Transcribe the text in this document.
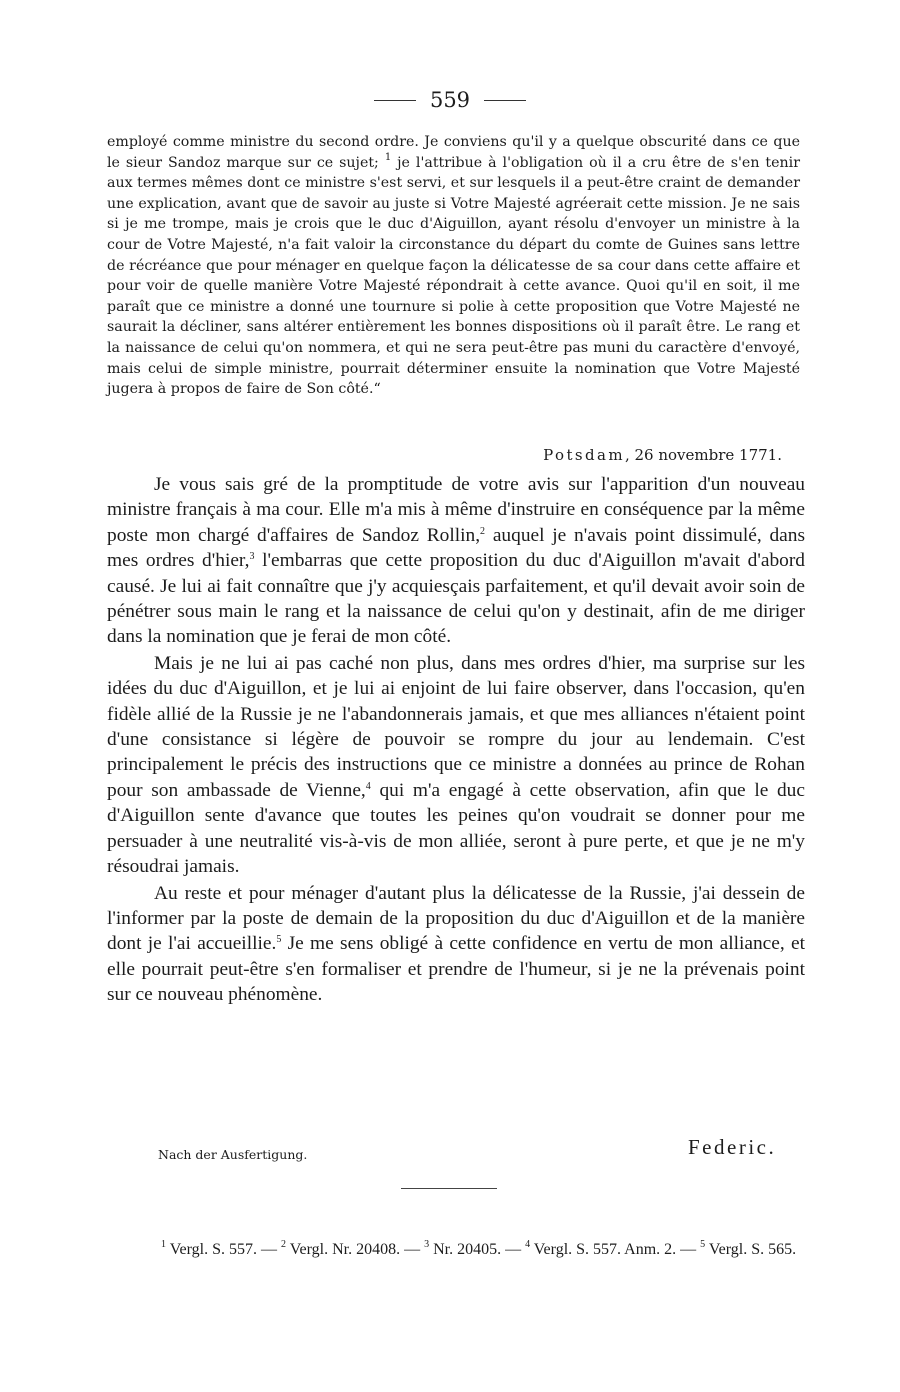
559

employé comme ministre du second ordre. Je conviens qu'il y a quelque obscurité dans ce que le sieur Sandoz marque sur ce sujet; $^1$ je l'attribue à l'obligation où il a cru être de s'en tenir aux termes mêmes dont ce ministre s'est servi, et sur lesquels il a peut-être craint de demander une explication, avant que de savoir au juste si Votre Majesté agréerait cette mission. Je ne sais si je me trompe, mais je crois que le duc d'Aiguillon, ayant résolu d'envoyer un ministre à la cour de Votre Majesté, n'a fait valoir la circonstance du départ du comte de Guines sans lettre de récréance que pour ménager en quelque façon la délicatesse de sa cour dans cette affaire et pour voir de quelle manière Votre Majesté répondrait à cette avance. Quoi qu'il en soit, il me paraît que ce ministre a donné une tournure si polie à cette proposition que Votre Majesté ne saurait la décliner, sans altérer entièrement les bonnes dispositions où il paraît être. Le rang et la naissance de celui qu'on nommera, et qui ne sera peut-être pas muni du caractère d'envoyé, mais celui de simple ministre, pourrait déterminer ensuite la nomination que Votre Majesté jugera à propos de faire de Son côté.“

Potsdam, 26 novembre 1771.

Je vous sais gré de la promptitude de votre avis sur l'apparition d'un nouveau ministre français à ma cour. Elle m'a mis à même d'instruire en conséquence par la même poste mon chargé d'affaires de Sandoz Rollin,$^2$ auquel je n'avais point dissimulé, dans mes ordres d'hier,$^3$ l'embarras que cette proposition du duc d'Aiguillon m'avait d'abord causé. Je lui ai fait connaître que j'y acquiesçais parfaitement, et qu'il devait avoir soin de pénétrer sous main le rang et la naissance de celui qu'on y destinait, afin de me diriger dans la nomination que je ferai de mon côté.

Mais je ne lui ai pas caché non plus, dans mes ordres d'hier, ma surprise sur les idées du duc d'Aiguillon, et je lui ai enjoint de lui faire observer, dans l'occasion, qu'en fidèle allié de la Russie je ne l'abandonnerais jamais, et que mes alliances n'étaient point d'une consistance si légère de pouvoir se rompre du jour au lendemain. C'est principalement le précis des instructions que ce ministre a données au prince de Rohan pour son ambassade de Vienne,$^4$ qui m'a engagé à cette observation, afin que le duc d'Aiguillon sente d'avance que toutes les peines qu'on voudrait se donner pour me persuader à une neutralité vis-à-vis de mon alliée, seront à pure perte, et que je ne m'y résoudrai jamais.

Au reste et pour ménager d'autant plus la délicatesse de la Russie, j'ai dessein de l'informer par la poste de demain de la proposition du duc d'Aiguillon et de la manière dont je l'ai accueillie.$^5$ Je me sens obligé à cette confidence en vertu de mon alliance, et elle pourrait peut-être s'en formaliser et prendre de l'humeur, si je ne la prévenais point sur ce nouveau phénomène.

Nach der Ausfertigung.	Federic.

$^1$ Vergl. S. 557. — $^2$ Vergl. Nr. 20408. — $^3$ Nr. 20405. — $^4$ Vergl. S. 557. Anm. 2. — $^5$ Vergl. S. 565.
